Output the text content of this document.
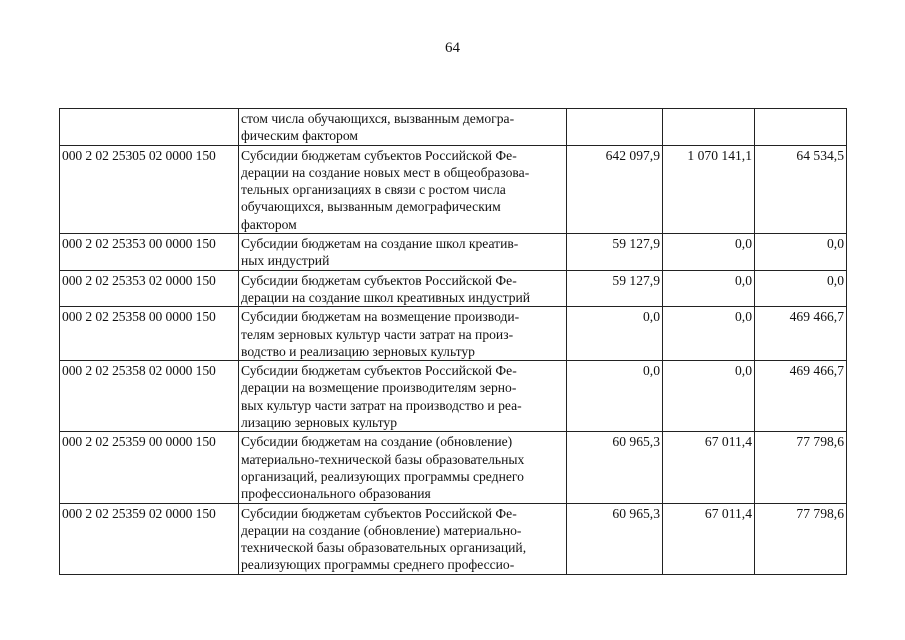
64

	стом числа обучающихся, вызванным демогра-
фическим фактором			

000 2 02 25305 02 0000 150	Субсидии бюджетам субъектов Российской Фе-
дерации на создание новых мест в общеобразова-
тельных организациях в связи с ростом числа
обучающихся, вызванным демографическим
фактором	642 097,9	1 070 141,1	64 534,5
000 2 02 25353 00 0000 150	Субсидии бюджетам на создание школ креатив-
ных индустрий	59 127,9	0,0	0,0
000 2 02 25353 02 0000 150	Субсидии бюджетам субъектов Российской Фе-
дерации на создание школ креативных индустрий	59 127,9	0,0	0,0
000 2 02 25358 00 0000 150	Субсидии бюджетам на возмещение производи-
телям зерновых культур части затрат на произ-
водство и реализацию зерновых культур	0,0	0,0	469 466,7
000 2 02 25358 02 0000 150	Субсидии бюджетам субъектов Российской Фе-
дерации на возмещение производителям зерно-
вых культур части затрат на производство и реа-
лизацию зерновых культур	0,0	0,0	469 466,7
000 2 02 25359 00 0000 150	Субсидии бюджетам на создание (обновление)
материально-технической базы образовательных
организаций, реализующих программы среднего
профессионального образования	60 965,3	67 011,4	77 798,6
000 2 02 25359 02 0000 150	Субсидии бюджетам субъектов Российской Фе-
дерации на создание (обновление) материально-
технической базы образовательных организаций,
реализующих программы среднего профессио-	60 965,3	67 011,4	77 798,6
